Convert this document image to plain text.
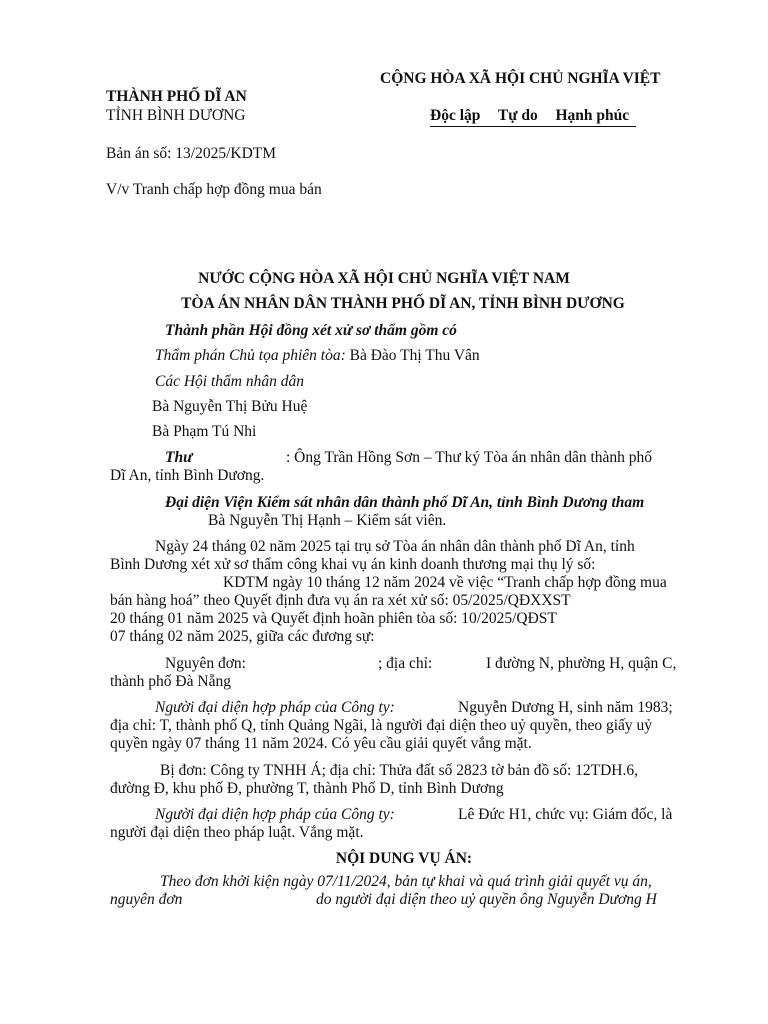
CỘNG HÒA XÃ HỘI CHỦ NGHĨA VIỆT
THÀNH PHỐ DĨ AN
TỈNH BÌNH DƯƠNG	Độc lập Tự do Hạnh phúc
Bản án số: 13/2025/KDTM
V/v Tranh chấp hợp đồng mua bán
NƯỚC CỘNG HÒA XÃ HỘI CHỦ NGHĨA VIỆT NAM
TÒA ÁN NHÂN DÂN THÀNH PHỐ DĨ AN, TỈNH BÌNH DƯƠNG
Thành phần Hội đồng xét xử sơ thẩm gồm có
Thẩm phán Chủ tọa phiên tòa: Bà Đào Thị Thu Vân
Các Hội thẩm nhân dân
Bà Nguyễn Thị Bửu Huệ
Bà Phạm Tú Nhi
Thư	: Ông Trần Hồng Sơn – Thư ký Tòa án nhân dân thành phố
Dĩ An, tỉnh Bình Dương.
Đại diện Viện Kiểm sát nhân dân thành phố Dĩ An, tỉnh Bình Dương tham
Bà Nguyễn Thị Hạnh – Kiểm sát viên.
Ngày 24 tháng 02 năm 2025 tại trụ sở Tòa án nhân dân thành phố Dĩ An, tỉnh
Bình Dương xét xử sơ thẩm công khai vụ án kinh doanh thương mại thụ lý số:
KDTM ngày 10 tháng 12 năm 2024 về việc “Tranh chấp hợp đồng mua
bán hàng hoá” theo Quyết định đưa vụ án ra xét xử số: 05/2025/QĐXXST
20 tháng 01 năm 2025 và Quyết định hoãn phiên tòa số: 10/2025/QĐST
07 tháng 02 năm 2025, giữa các đương sự:
Nguyên đơn:	; địa chỉ:	I đường N, phường H, quận C,
thành phố Đà Nẵng
Người đại diện hợp pháp của Công ty:	Nguyễn Dương H, sinh năm 1983;
địa chỉ: T, thành phố Q, tỉnh Quảng Ngãi, là người đại diện theo uỷ quyền, theo giấy uỷ
quyền ngày 07 tháng 11 năm 2024. Có yêu cầu giải quyết vắng mặt.
Bị đơn: Công ty TNHH Á; địa chỉ: Thửa đất số 2823 tờ bản đồ số: 12TDH.6,
đường Đ, khu phố Đ, phường T, thành Phố D, tỉnh Bình Dương
Người đại diện hợp pháp của Công ty:	Lê Đức H1, chức vụ: Giám đốc, là
người đại diện theo pháp luật. Vắng mặt.
NỘI DUNG VỤ ÁN:
Theo đơn khởi kiện ngày 07/11/2024, bản tự khai và quá trình giải quyết vụ án,
nguyên đơn	do người đại diện theo uỷ quyền ông Nguyễn Dương H
